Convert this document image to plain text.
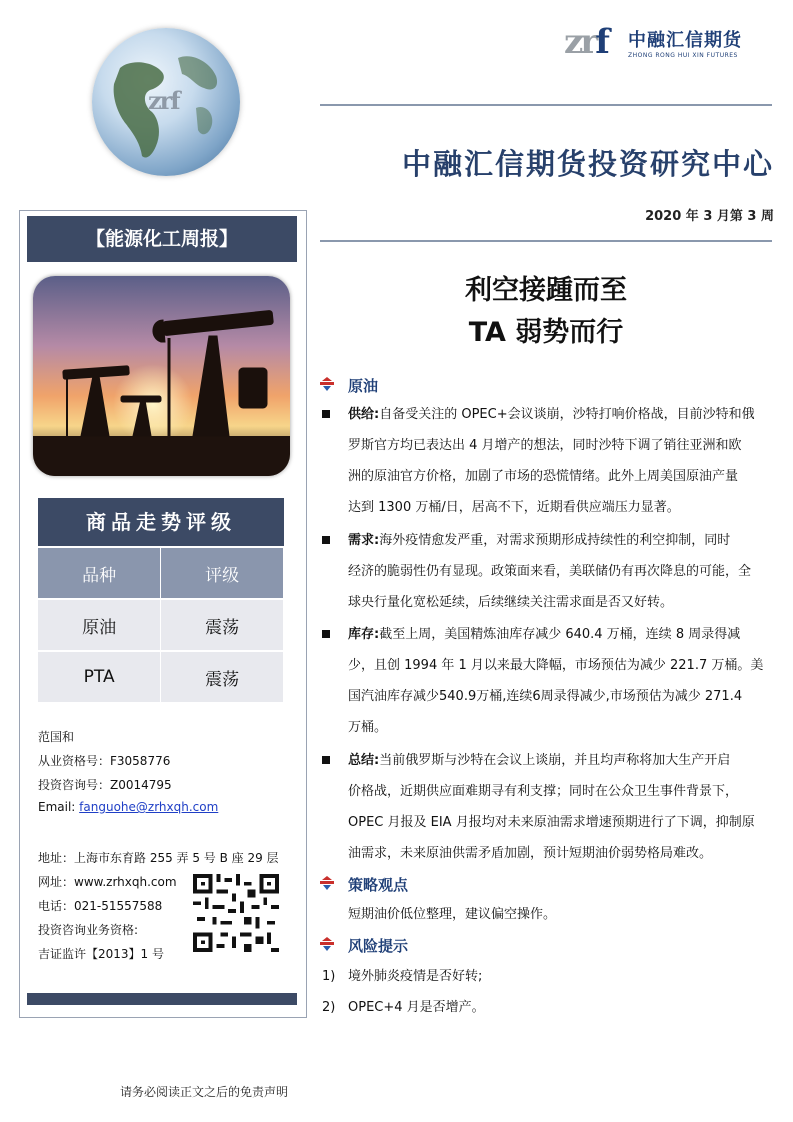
zrf
zrf 中融汇信期货
ZHONG RONG HUI XIN FUTURES
中融汇信期货投资研究中心
2020 年 3 月第 3 周
利空接踵而至
TA 弱势而行
【能源化工周报】
商品走势评级
品种	评级
原油	震荡
PTA	震荡
范国和
从业资格号：F3058776
投资咨询号：Z0014795
Email: fanguohe@zrhxqh.com
地址：上海市东育路 255 弄 5 号 B 座 29 层
网址：www.zrhxqh.com
电话：021-51557588
投资咨询业务资格:
吉证监许【2013】1 号
原油
供给:自备受关注的 OPEC+会议谈崩，沙特打响价格战，目前沙特和俄
罗斯官方均已表达出 4 月增产的想法，同时沙特下调了销往亚洲和欧
洲的原油官方价格，加剧了市场的恐慌情绪。此外上周美国原油产量
达到 1300 万桶/日，居高不下，近期看供应端压力显著。
需求:海外疫情愈发严重，对需求预期形成持续性的利空抑制，同时
经济的脆弱性仍有显现。政策面来看，美联储仍有再次降息的可能，全
球央行量化宽松延续，后续继续关注需求面是否又好转。
库存:截至上周，美国精炼油库存减少 640.4 万桶，连续 8 周录得减
少，且创 1994 年 1 月以来最大降幅，市场预估为减少 221.7 万桶。美
国汽油库存减少540.9万桶,连续6周录得减少,市场预估为减少 271.4
万桶。
总结:当前俄罗斯与沙特在会议上谈崩，并且均声称将加大生产开启
价格战，近期供应面难期寻有利支撑；同时在公众卫生事件背景下，
OPEC 月报及 EIA 月报均对未来原油需求增速预期进行了下调，抑制原
油需求，未来原油供需矛盾加剧，预计短期油价弱势格局难改。
策略观点
短期油价低位整理，建议偏空操作。
风险提示
1) 境外肺炎疫情是否好转;
2) OPEC+4 月是否增产。
请务必阅读正文之后的免责声明
